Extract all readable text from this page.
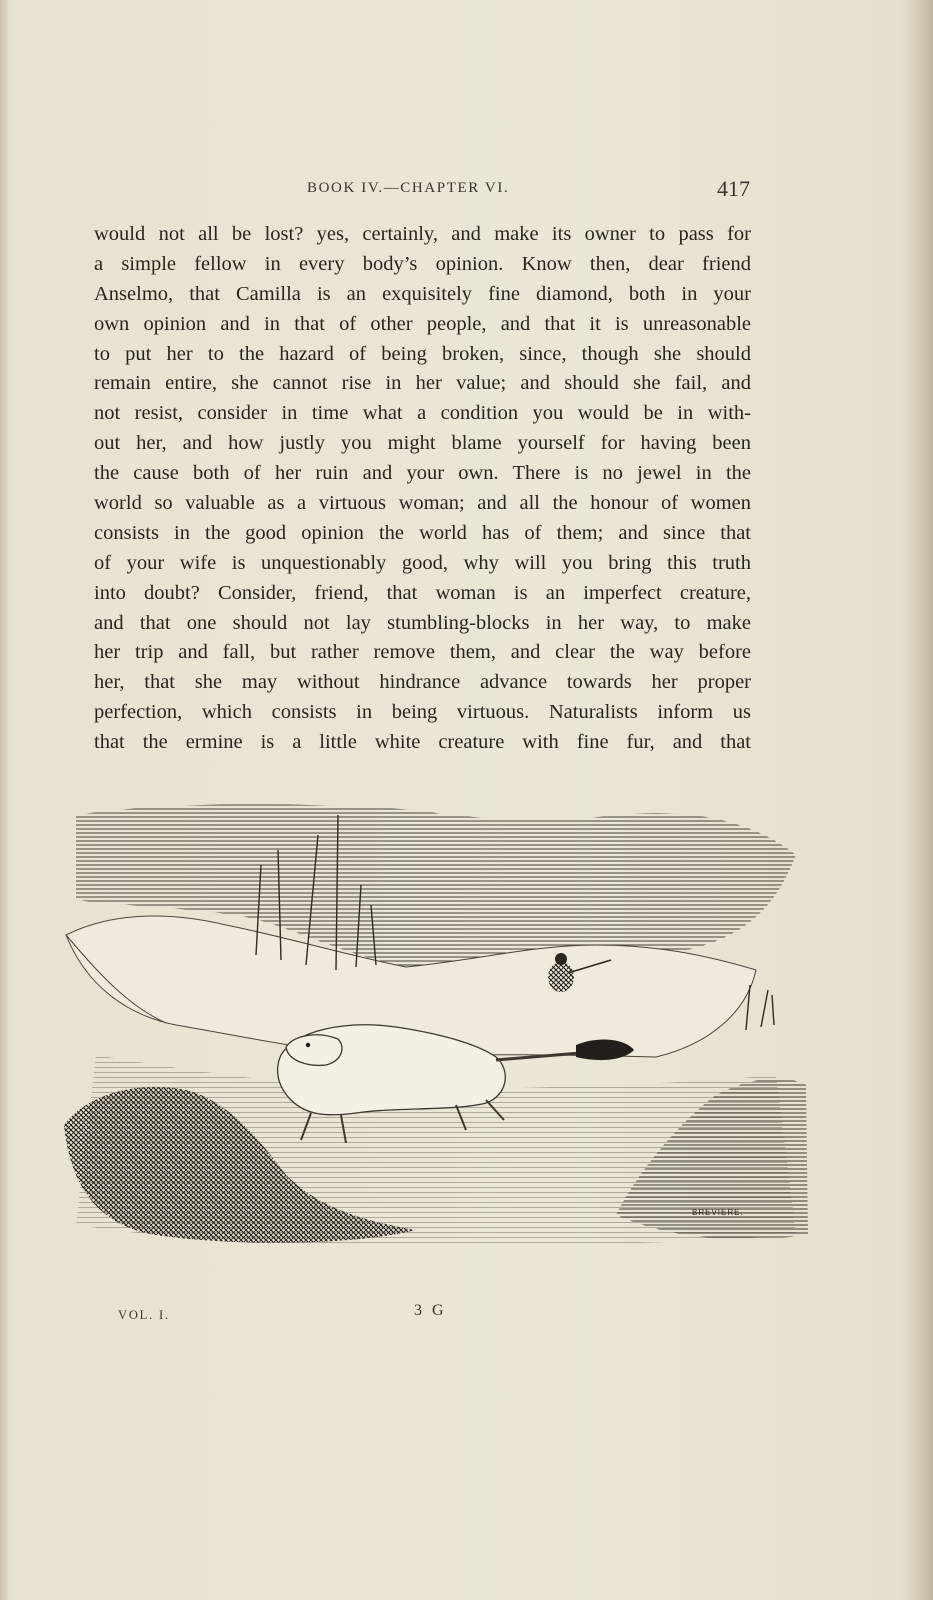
BOOK IV.—CHAPTER VI.	417
would not all be lost? yes, certainly, and make its owner to pass for
a simple fellow in every body’s opinion. Know then, dear friend
Anselmo, that Camilla is an exquisitely fine diamond, both in your
own opinion and in that of other people, and that it is unreasonable
to put her to the hazard of being broken, since, though she should
remain entire, she cannot rise in her value; and should she fail, and
not resist, consider in time what a condition you would be in with-
out her, and how justly you might blame yourself for having been
the cause both of her ruin and your own. There is no jewel in the
world so valuable as a virtuous woman; and all the honour of women
consists in the good opinion the world has of them; and since that
of your wife is unquestionably good, why will you bring this truth
into doubt? Consider, friend, that woman is an imperfect creature,
and that one should not lay stumbling-blocks in her way, to make
her trip and fall, but rather remove them, and clear the way before
her, that she may without hindrance advance towards her proper
perfection, which consists in being virtuous. Naturalists inform us
that the ermine is a little white creature with fine fur, and that
BREVIERE.
VOL. I.	3 G
